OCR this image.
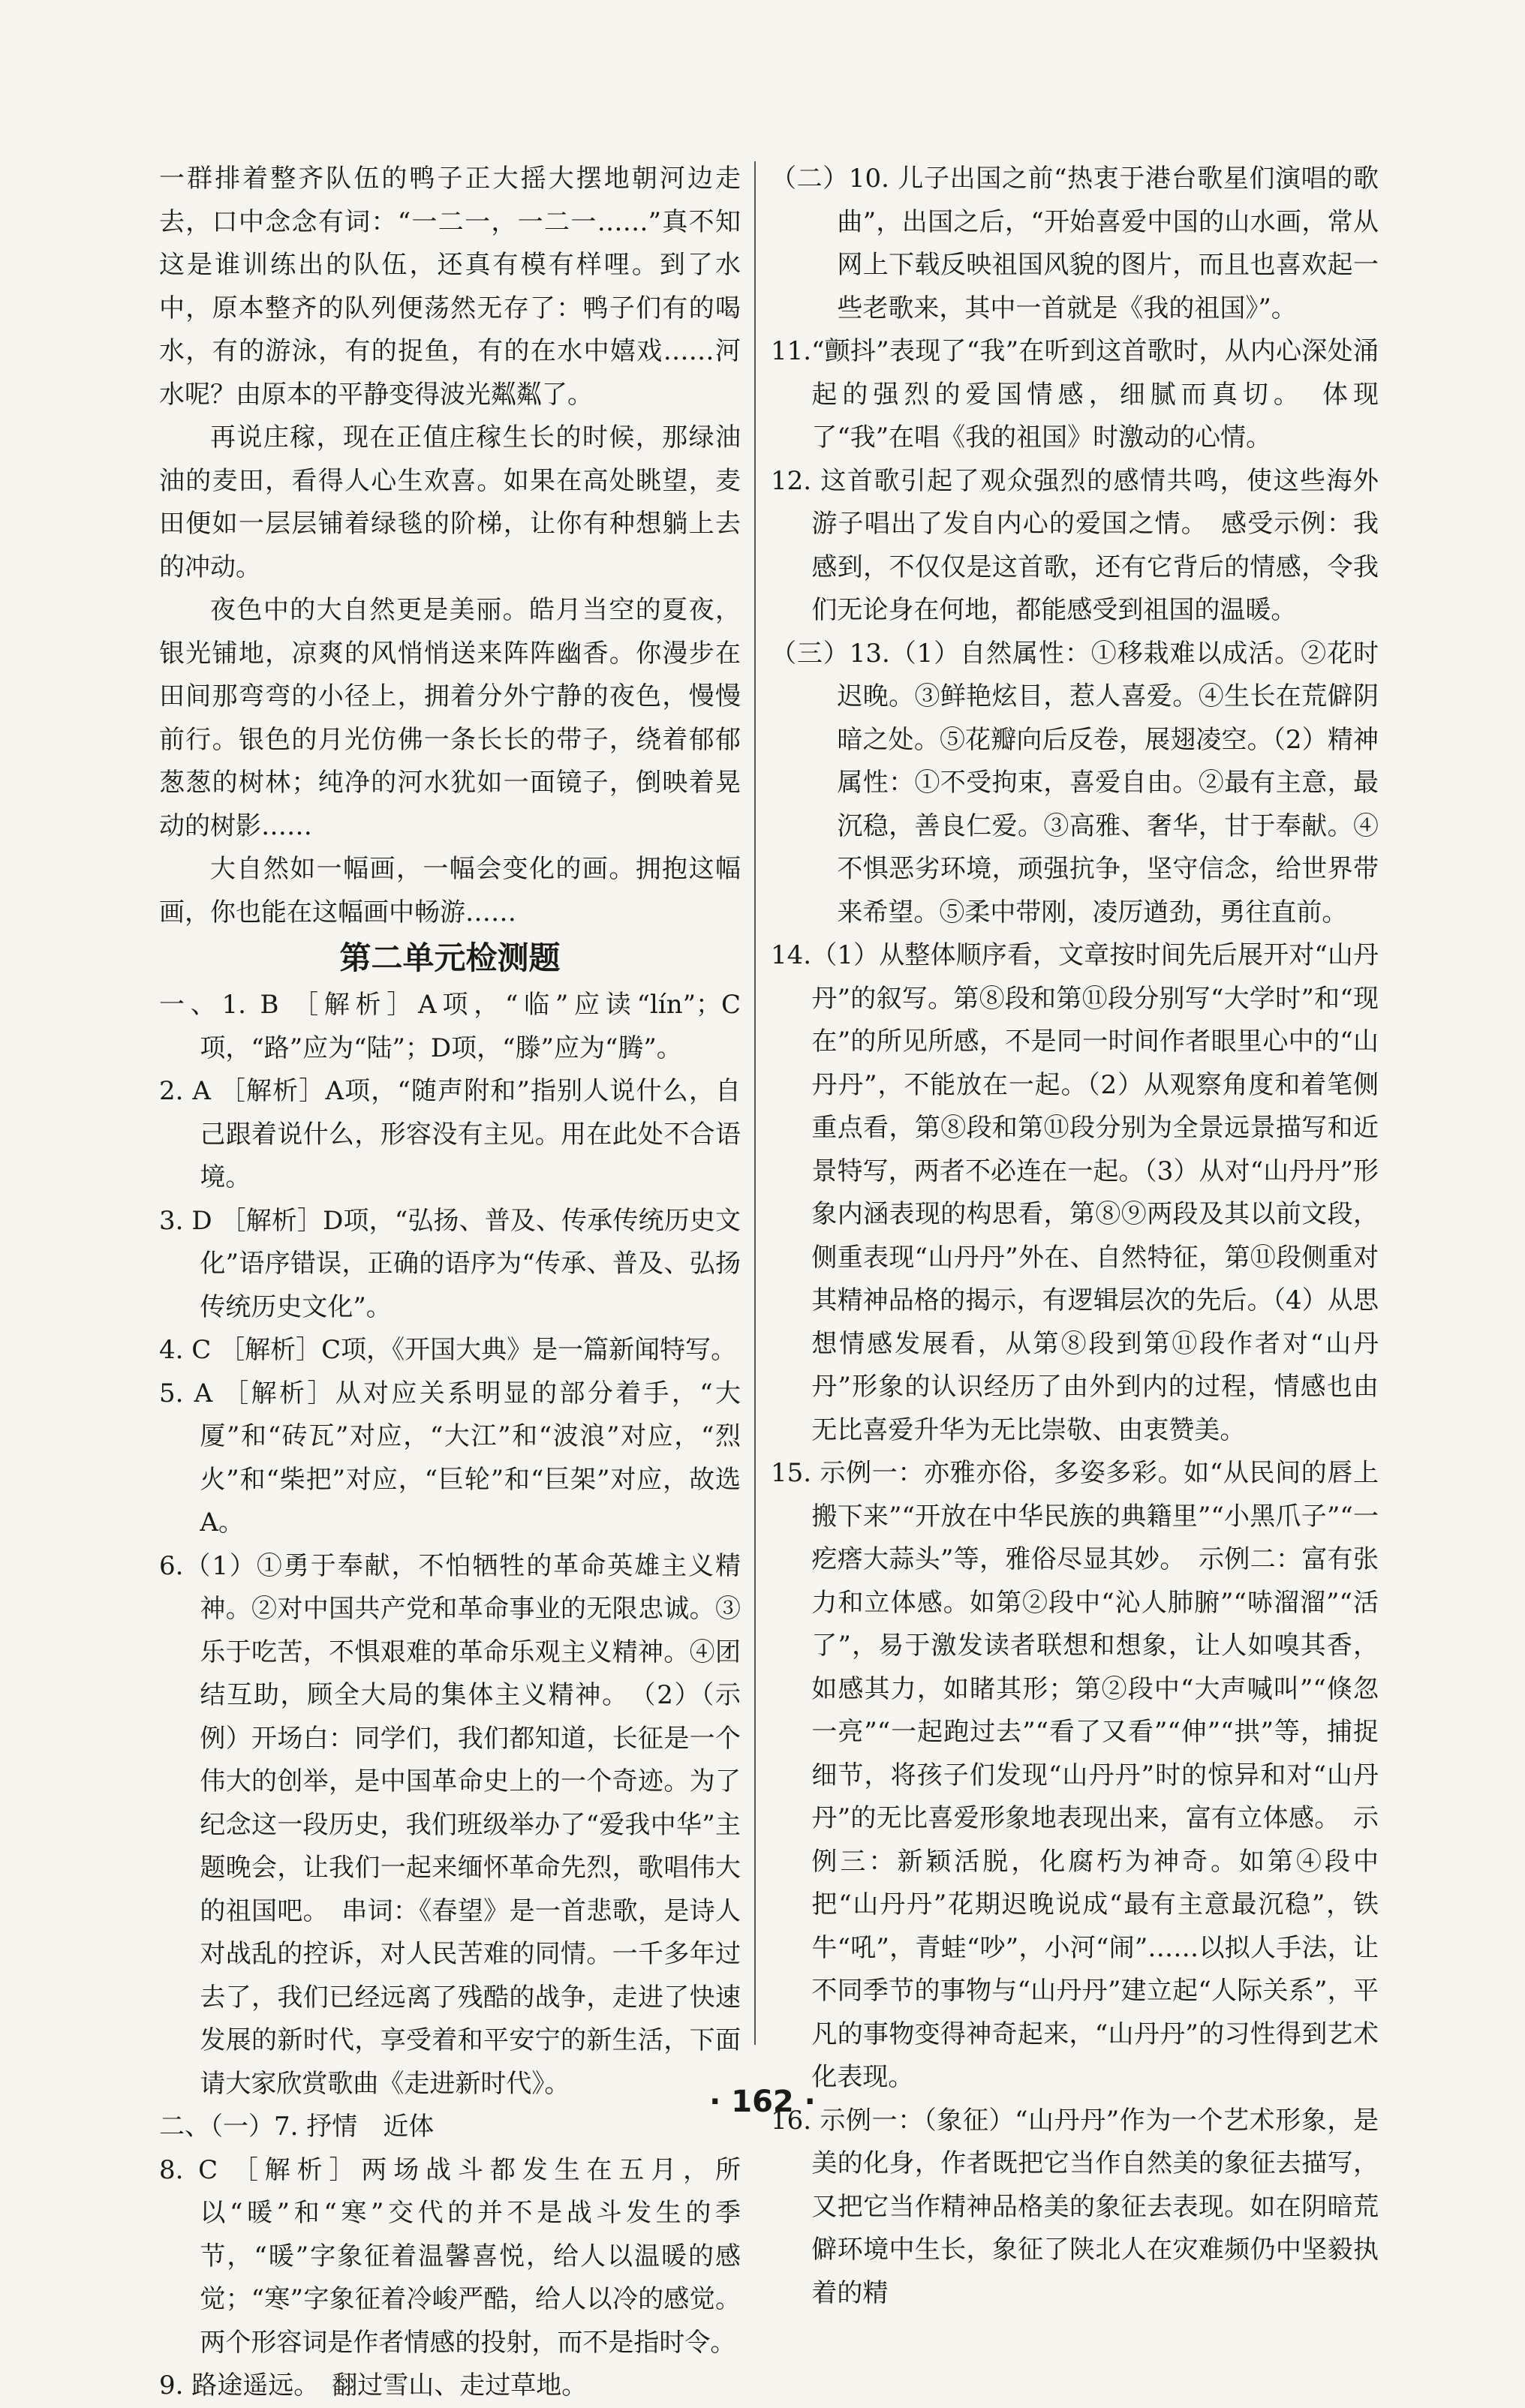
一群排着整齐队伍的鸭子正大摇大摆地朝河边走去，口中念念有词：“一二一，一二一……”真不知这是谁训练出的队伍，还真有模有样哩。到了水中，原本整齐的队列便荡然无存了：鸭子们有的喝水，有的游泳，有的捉鱼，有的在水中嬉戏……河水呢？由原本的平静变得波光粼粼了。

再说庄稼，现在正值庄稼生长的时候，那绿油油的麦田，看得人心生欢喜。如果在高处眺望，麦田便如一层层铺着绿毯的阶梯，让你有种想躺上去的冲动。

夜色中的大自然更是美丽。皓月当空的夏夜，银光铺地，凉爽的风悄悄送来阵阵幽香。你漫步在田间那弯弯的小径上，拥着分外宁静的夜色，慢慢前行。银色的月光仿佛一条长长的带子，绕着郁郁葱葱的树林；纯净的河水犹如一面镜子，倒映着晃动的树影……

大自然如一幅画，一幅会变化的画。拥抱这幅画，你也能在这幅画中畅游……

第二单元检测题

一、1. B ［解析］A项，“临”应读“lín”；C项，“路”应为“陆”；D项，“滕”应为“腾”。

2. A ［解析］A项，“随声附和”指别人说什么，自己跟着说什么，形容没有主见。用在此处不合语境。

3. D ［解析］D项，“弘扬、普及、传承传统历史文化”语序错误，正确的语序为“传承、普及、弘扬传统历史文化”。

4. C ［解析］C项，《开国大典》是一篇新闻特写。

5. A ［解析］从对应关系明显的部分着手，“大厦”和“砖瓦”对应，“大江”和“波浪”对应，“烈火”和“柴把”对应，“巨轮”和“巨架”对应，故选A。

6.（1）①勇于奉献，不怕牺牲的革命英雄主义精神。②对中国共产党和革命事业的无限忠诚。③乐于吃苦，不惧艰难的革命乐观主义精神。④团结互助，顾全大局的集体主义精神。　（2）（示例）开场白：同学们，我们都知道，长征是一个伟大的创举，是中国革命史上的一个奇迹。为了纪念这一段历史，我们班级举办了“爱我中华”主题晚会，让我们一起来缅怀革命先烈，歌唱伟大的祖国吧。　串词：《春望》是一首悲歌，是诗人对战乱的控诉，对人民苦难的同情。一千多年过去了，我们已经远离了残酷的战争，走进了快速发展的新时代，享受着和平安宁的新生活，下面请大家欣赏歌曲《走进新时代》。

二、（一）7. 抒情　近体

8. C ［解析］两场战斗都发生在五月，所以“暖”和“寒”交代的并不是战斗发生的季节，“暖”字象征着温馨喜悦，给人以温暖的感觉；“寒”字象征着冷峻严酷，给人以冷的感觉。两个形容词是作者情感的投射，而不是指时令。

9. 路途遥远。　翻过雪山、走过草地。

（二）10. 儿子出国之前“热衷于港台歌星们演唱的歌曲”，出国之后，“开始喜爱中国的山水画，常从网上下载反映祖国风貌的图片，而且也喜欢起一些老歌来，其中一首就是《我的祖国》”。

11.“颤抖”表现了“我”在听到这首歌时，从内心深处涌起的强烈的爱国情感，细腻而真切。　体现了“我”在唱《我的祖国》时激动的心情。

12. 这首歌引起了观众强烈的感情共鸣，使这些海外游子唱出了发自内心的爱国之情。　感受示例：我感到，不仅仅是这首歌，还有它背后的情感，令我们无论身在何地，都能感受到祖国的温暖。

（三）13.（1）自然属性：①移栽难以成活。②花时迟晚。③鲜艳炫目，惹人喜爱。④生长在荒僻阴暗之处。⑤花瓣向后反卷，展翅凌空。（2）精神属性：①不受拘束，喜爱自由。②最有主意，最沉稳，善良仁爱。③高雅、奢华，甘于奉献。④不惧恶劣环境，顽强抗争，坚守信念，给世界带来希望。⑤柔中带刚，凌厉遒劲，勇往直前。

14.（1）从整体顺序看，文章按时间先后展开对“山丹丹”的叙写。第⑧段和第⑪段分别写“大学时”和“现在”的所见所感，不是同一时间作者眼里心中的“山丹丹”，不能放在一起。（2）从观察角度和着笔侧重点看，第⑧段和第⑪段分别为全景远景描写和近景特写，两者不必连在一起。（3）从对“山丹丹”形象内涵表现的构思看，第⑧⑨两段及其以前文段，侧重表现“山丹丹”外在、自然特征，第⑪段侧重对其精神品格的揭示，有逻辑层次的先后。（4）从思想情感发展看，从第⑧段到第⑪段作者对“山丹丹”形象的认识经历了由外到内的过程，情感也由无比喜爱升华为无比崇敬、由衷赞美。

15. 示例一：亦雅亦俗，多姿多彩。如“从民间的唇上搬下来”“开放在中华民族的典籍里”“小黑爪子”“一疙瘩大蒜头”等，雅俗尽显其妙。　示例二：富有张力和立体感。如第②段中“沁人肺腑”“哧溜溜”“活了”，易于激发读者联想和想象，让人如嗅其香，如感其力，如睹其形；第②段中“大声喊叫”“倏忽一亮”“一起跑过去”“看了又看”“伸”“拱”等，捕捉细节，将孩子们发现“山丹丹”时的惊异和对“山丹丹”的无比喜爱形象地表现出来，富有立体感。　示例三：新颖活脱，化腐朽为神奇。如第④段中把“山丹丹”花期迟晚说成“最有主意最沉稳”，铁牛“吼”，青蛙“吵”，小河“闹”……以拟人手法，让不同季节的事物与“山丹丹”建立起“人际关系”，平凡的事物变得神奇起来，“山丹丹”的习性得到艺术化表现。

16. 示例一：（象征）“山丹丹”作为一个艺术形象，是美的化身，作者既把它当作自然美的象征去描写，又把它当作精神品格美的象征去表现。如在阴暗荒僻环境中生长，象征了陕北人在灾难频仍中坚毅执着的精

· 162 ·
